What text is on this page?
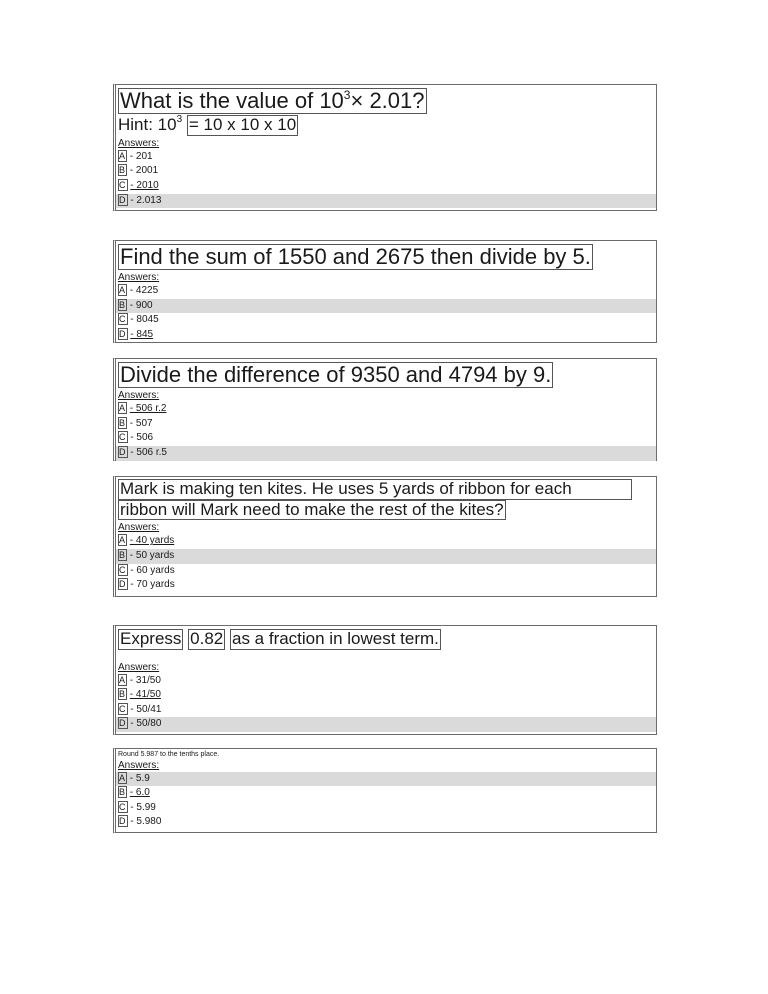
What is the value of $10^3\times 2.01$?
Hint: $10^3 = 10$ x 10 x 10
Answers:
A - 201
B - 2001
C - 2010
D - 2.013
Find the sum of 1550 and 2675 then divide by 5.
Answers:
A - 4225
B - 900
C - 8045
D - 845
Divide the difference of 9350 and 4794 by 9.
Answers:
A - 506 r.2
B - 507
C - 506
D - 506 r.5
Mark is making ten kites. He uses 5 yards of ribbon for each
ribbon will Mark need to make the rest of the kites?
Answers:
A - 40 yards
B - 50 yards
C - 60 yards
D - 70 yards
Express 0.82 as a fraction in lowest term.
Answers:
A - 31/50
B - 41/50
C - 50/41
D - 50/80
Round 5.987 to the tenths place.
Answers:
A - 5.9
B - 6.0
C - 5.99
D - 5.980
